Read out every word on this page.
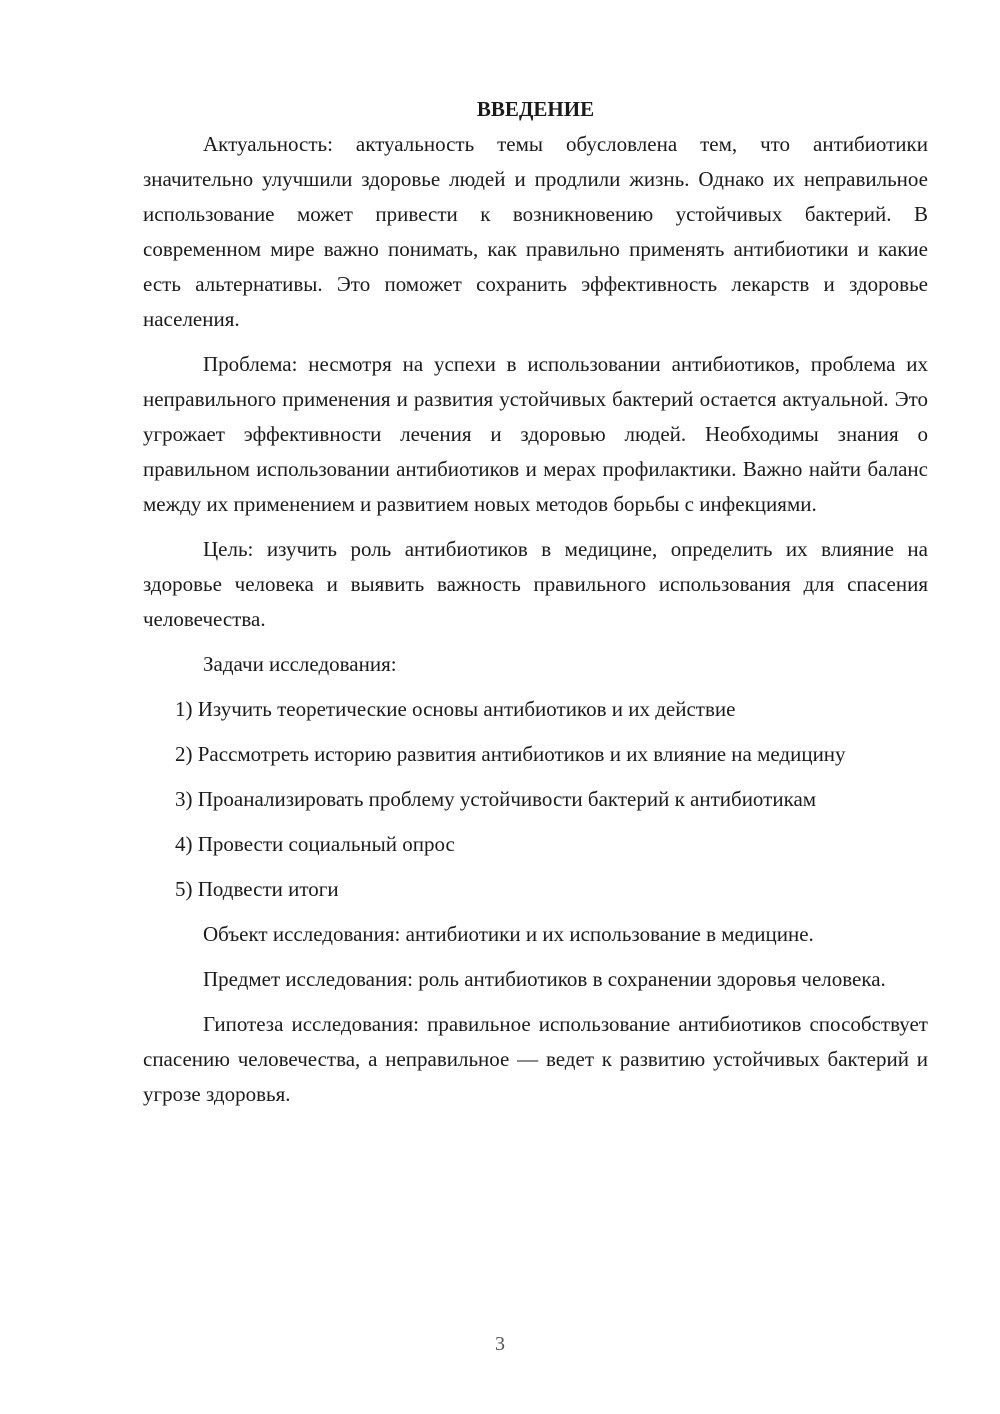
ВВЕДЕНИЕ

Актуальность: актуальность темы обусловлена тем, что антибиотики значительно улучшили здоровье людей и продлили жизнь. Однако их неправильное использование может привести к возникновению устойчивых бактерий. В современном мире важно понимать, как правильно применять антибиотики и какие есть альтернативы. Это поможет сохранить эффективность лекарств и здоровье населения.

Проблема: несмотря на успехи в использовании антибиотиков, проблема их неправильного применения и развития устойчивых бактерий остается актуальной. Это угрожает эффективности лечения и здоровью людей. Необходимы знания о правильном использовании антибиотиков и мерах профилактики. Важно найти баланс между их применением и развитием новых методов борьбы с инфекциями.

Цель: изучить роль антибиотиков в медицине, определить их влияние на здоровье человека и выявить важность правильного использования для спасения человечества.

Задачи исследования:

1) Изучить теоретические основы антибиотиков и их действие

2) Рассмотреть историю развития антибиотиков и их влияние на медицину

3) Проанализировать проблему устойчивости бактерий к антибиотикам

4) Провести социальный опрос

5) Подвести итоги

Объект исследования: антибиотики и их использование в медицине.

Предмет исследования: роль антибиотиков в сохранении здоровья человека.

Гипотеза исследования: правильное использование антибиотиков способствует спасению человечества, а неправильное — ведет к развитию устойчивых бактерий и угрозе здоровья.

3
